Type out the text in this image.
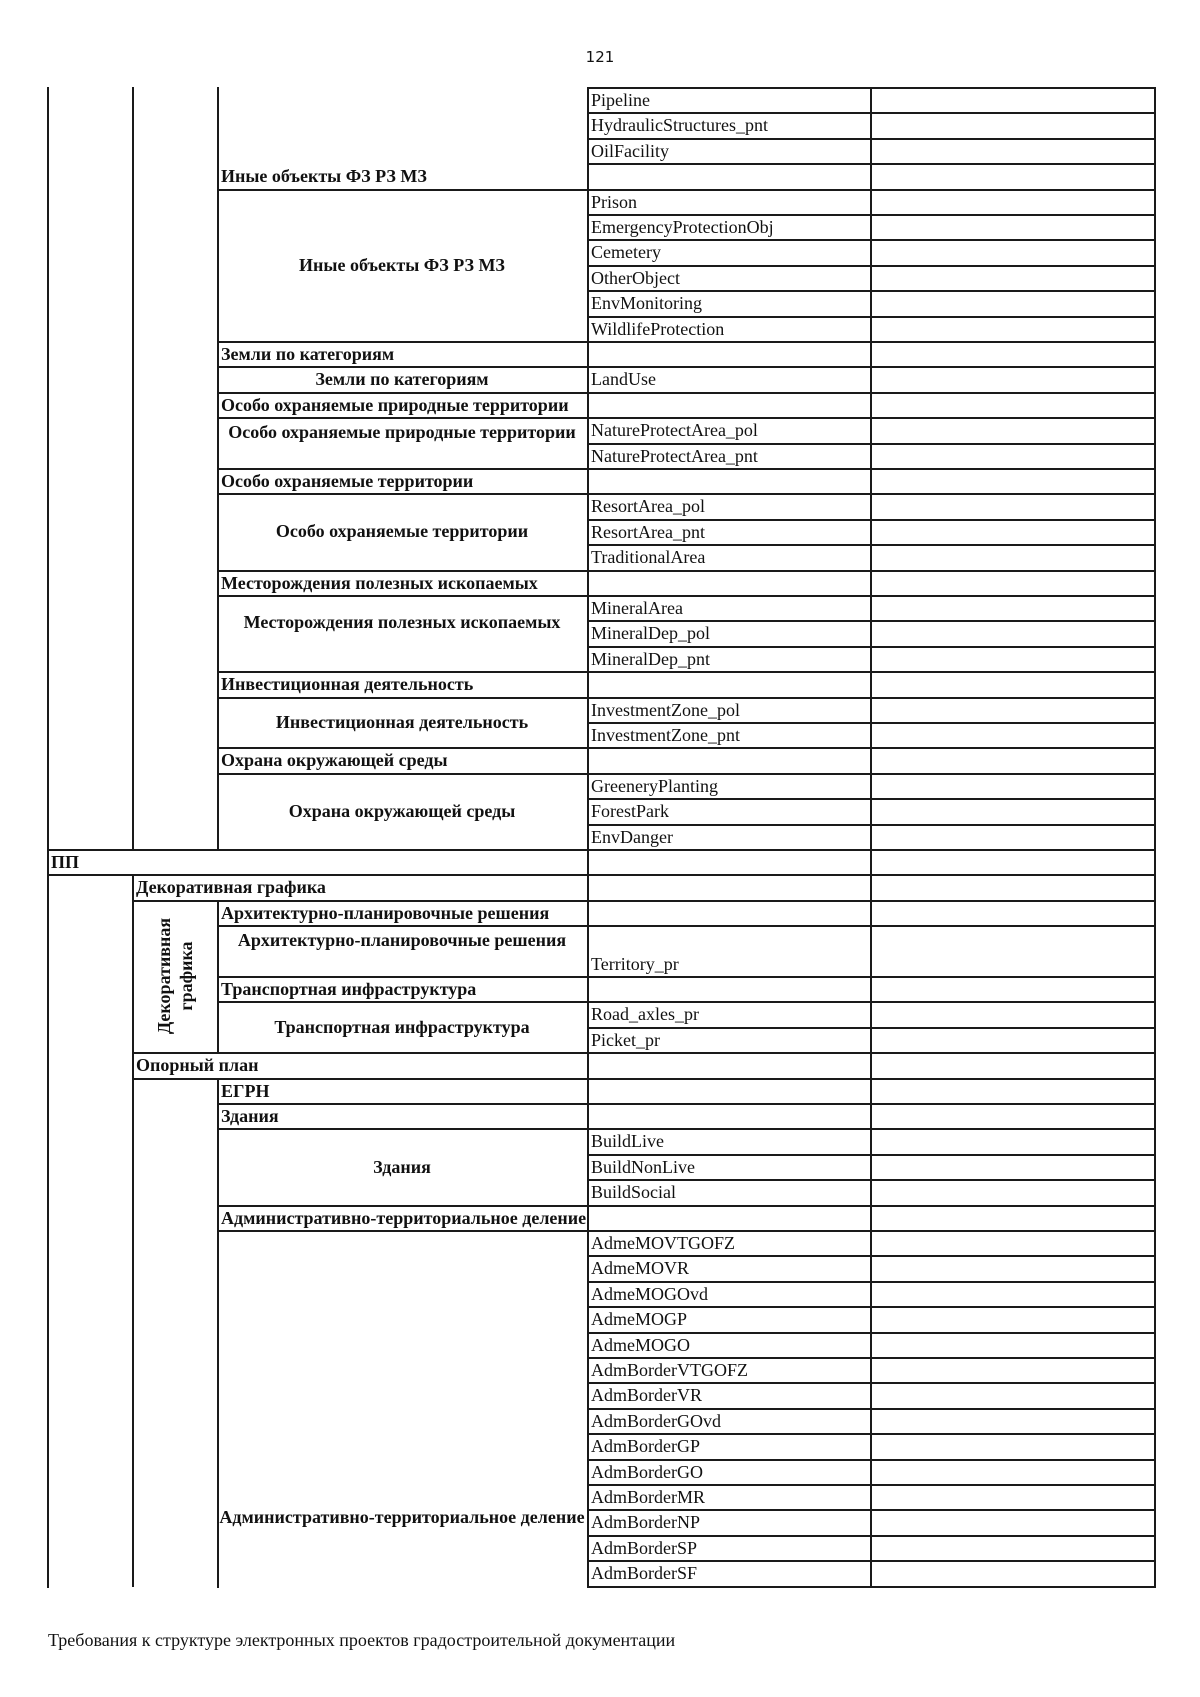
121
Pipeline
HydraulicStructures_pnt
OilFacility
Иные объекты ФЗ РЗ МЗ
Prison
EmergencyProtectionObj
Cemetery
OtherObject
EnvMonitoring
WildlifeProtection
Иные объекты ФЗ РЗ МЗ
Земли по категориям
LandUse
Земли по категориям
Особо охраняемые природные территории
NatureProtectArea_pol
NatureProtectArea_pnt
Особо охраняемые природные территории
Особо охраняемые территории
ResortArea_pol
ResortArea_pnt
TraditionalArea
Особо охраняемые территории
Месторождения полезных ископаемых
MineralArea
MineralDep_pol
MineralDep_pnt
Месторождения полезных ископаемых
Инвестиционная деятельность
InvestmentZone_pol
InvestmentZone_pnt
Инвестиционная деятельность
Охрана окружающей среды
GreeneryPlanting
ForestPark
EnvDanger
Охрана окружающей среды
ПП
Декоративная графика
Архитектурно-планировочные решения
Territory_pr
Архитектурно-планировочные решения
Транспортная инфраструктура
Road_axles_pr
Picket_pr
Транспортная инфраструктура
Декоративная графика
Опорный план
ЕГРН
Здания
BuildLive
BuildNonLive
BuildSocial
Здания
Административно-территориальное деление
AdmeMOVTGOFZ
AdmeMOVR
AdmeMOGOvd
AdmeMOGP
AdmeMOGO
AdmBorderVTGOFZ
AdmBorderVR
AdmBorderGOvd
AdmBorderGP
AdmBorderGO
AdmBorderMR
AdmBorderNP
AdmBorderSP
AdmBorderSF
Административно-территориальное деление
Требования к структуре электронных проектов градостроительной документации
